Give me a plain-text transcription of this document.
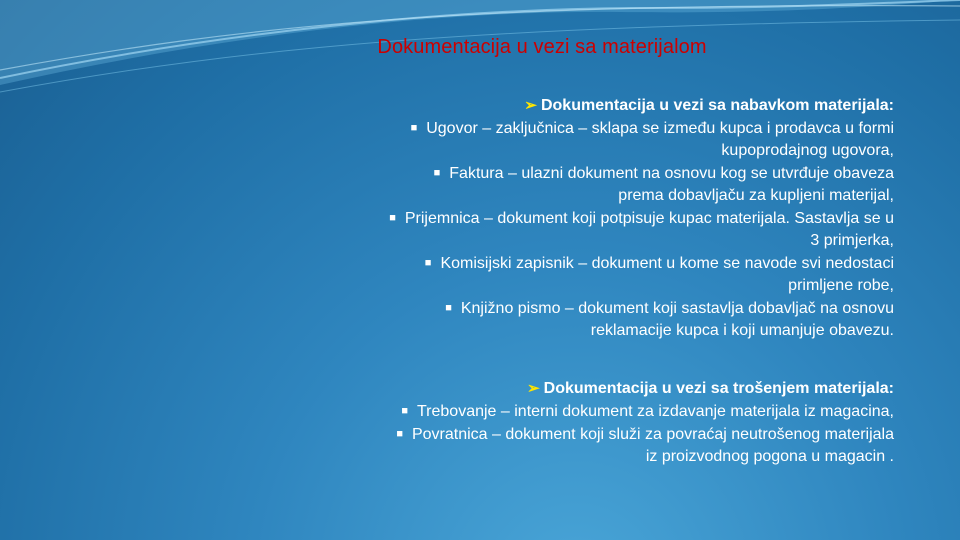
Dokumentacija u vezi sa materijalom
➢ Dokumentacija u vezi sa nabavkom materijala:
■ Ugovor – zaključnica – sklapa se između kupca i prodavca u formi
kupoprodajnog ugovora,
■ Faktura – ulazni dokument na osnovu kog se utvrđuje obaveza
prema dobavljaču za kupljeni materijal,
■ Prijemnica – dokument koji potpisuje kupac materijala. Sastavlja se u
3 primjerka,
■ Komisijski zapisnik – dokument u kome se navode svi nedostaci
primljene robe,
■ Knjižno pismo – dokument koji sastavlja dobavljač na osnovu
reklamacije kupca i koji umanjuje obavezu.
➢ Dokumentacija u vezi sa trošenjem materijala:
■ Trebovanje – interni dokument za izdavanje materijala iz magacina,
■ Povratnica – dokument koji služi za povraćaj neutrošenog materijala
iz proizvodnog pogona u magacin .
